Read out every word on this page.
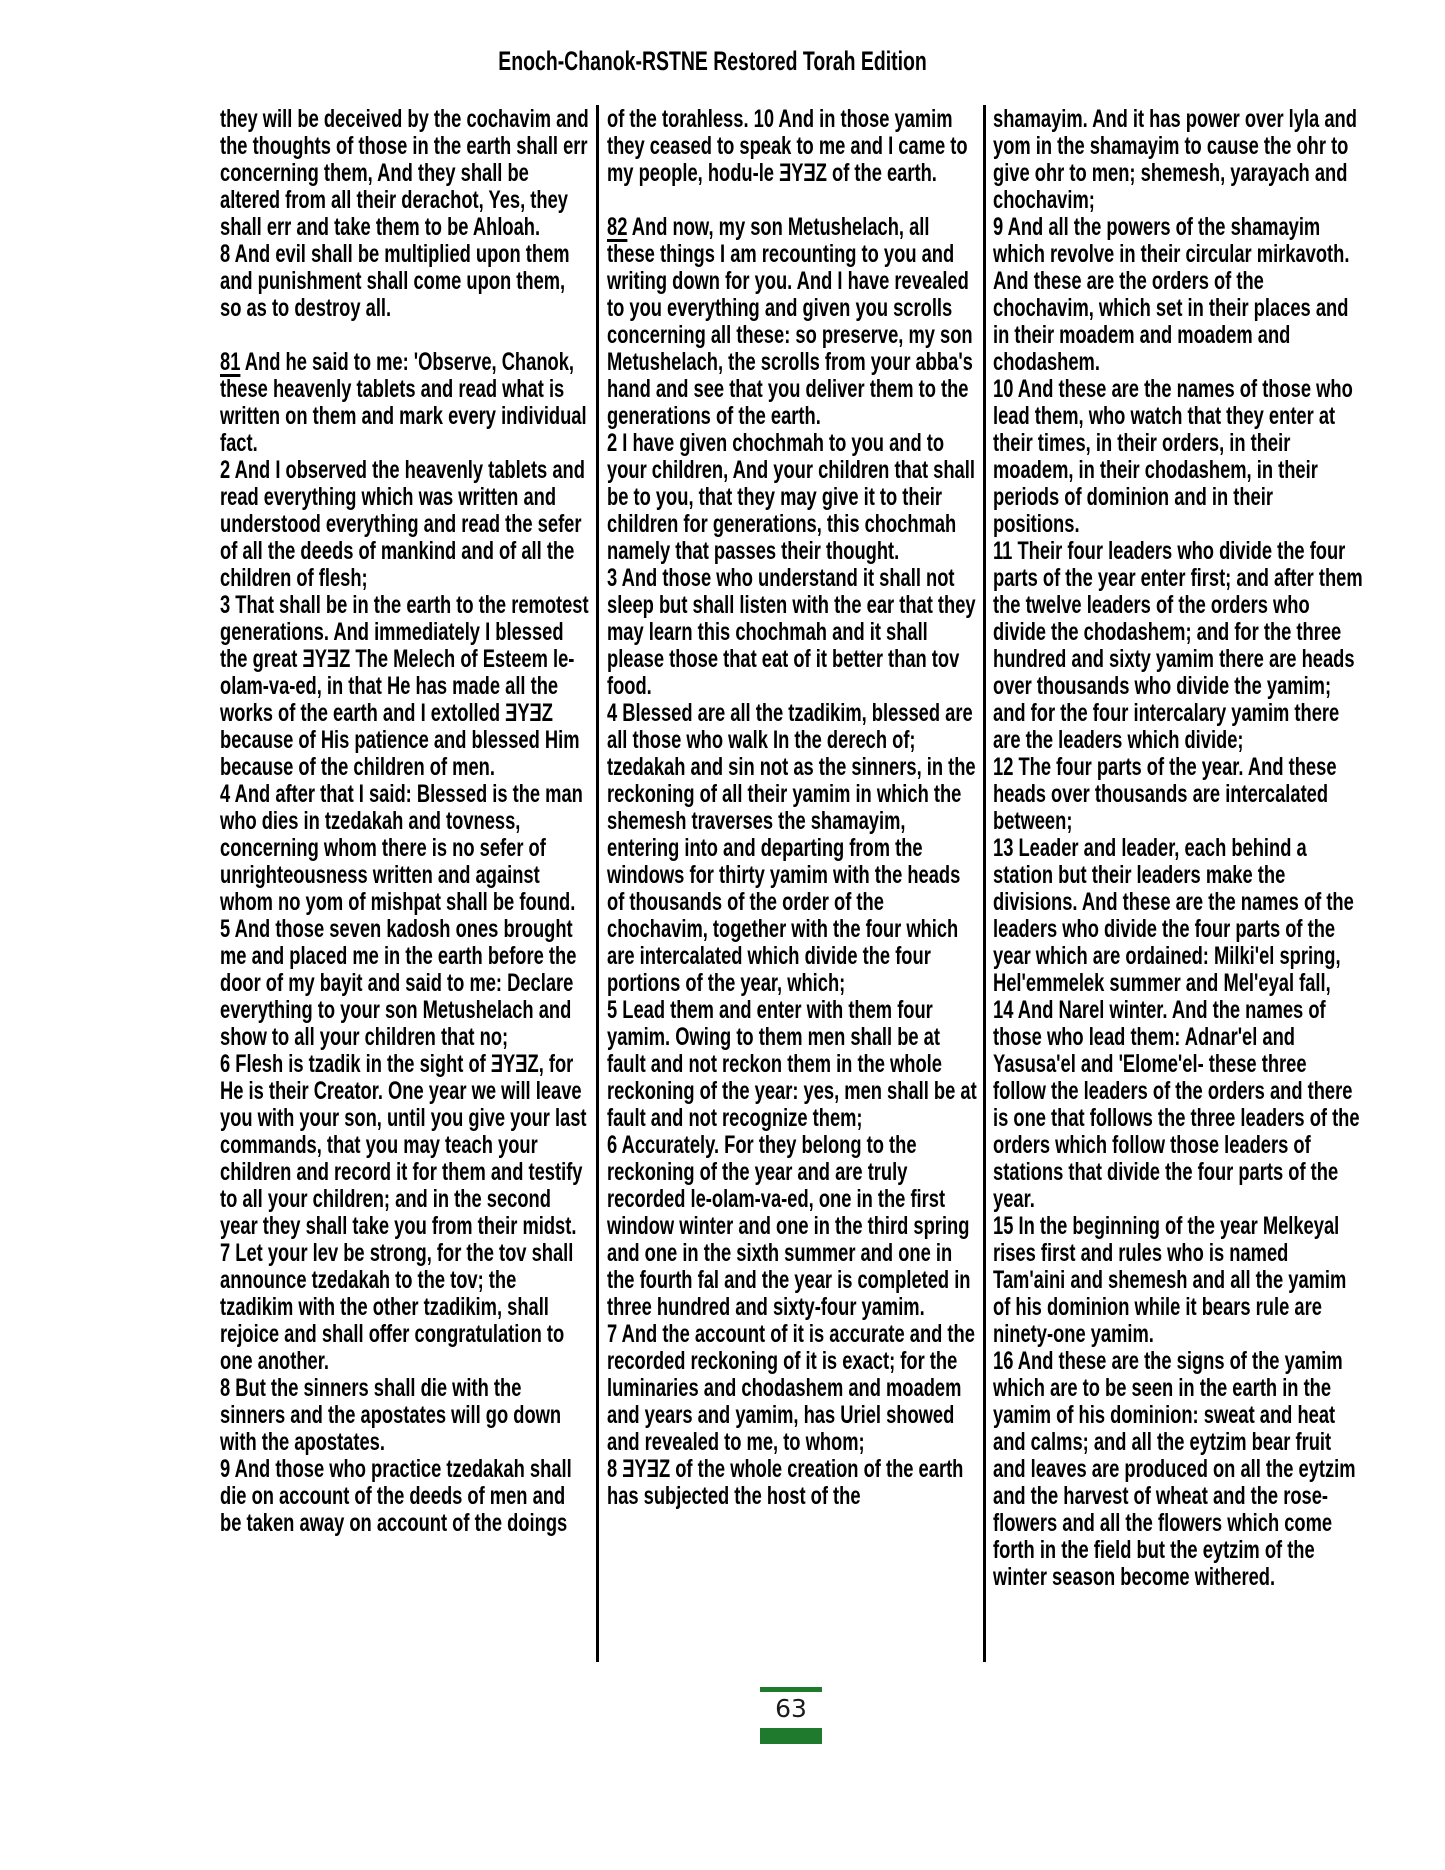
Enoch-Chanok-RSTNE Restored Torah Edition
they will be deceived by the cochavim and the thoughts of those in the earth shall err concerning them, And they shall be altered from all their derachot, Yes, they shall err and take them to be Ahloah.
8 And evil shall be multiplied upon them and punishment shall come upon them, so as to destroy all.
81 And he said to me: 'Observe, Chanok, these heavenly tablets and read what is written on them and mark every individual fact.
2 And I observed the heavenly tablets and read everything which was written and understood everything and read the sefer of all the deeds of mankind and of all the children of flesh;
3 That shall be in the earth to the remotest generations. And immediately I blessed the great ƎYƎZ The Melech of Esteem le-olam-va-ed, in that He has made all the works of the earth and I extolled ƎYƎZ because of His patience and blessed Him because of the children of men.
4 And after that I said: Blessed is the man who dies in tzedakah and tovness, concerning whom there is no sefer of unrighteousness written and against whom no yom of mishpat shall be found.
5 And those seven kadosh ones brought me and placed me in the earth before the door of my bayit and said to me: Declare everything to your son Metushelach and show to all your children that no;
6 Flesh is tzadik in the sight of ƎYƎZ, for He is their Creator. One year we will leave you with your son, until you give your last commands, that you may teach your children and record it for them and testify to all your children; and in the second year they shall take you from their midst.
7 Let your lev be strong, for the tov shall announce tzedakah to the tov; the tzadikim with the other tzadikim, shall rejoice and shall offer congratulation to one another.
8 But the sinners shall die with the sinners and the apostates will go down with the apostates.
9 And those who practice tzedakah shall die on account of the deeds of men and be taken away on account of the doings
of the torahless. 10 And in those yamim they ceased to speak to me and I came to my people, hodu-le ƎYƎZ of the earth.
82 And now, my son Metushelach, all these things I am recounting to you and writing down for you. And I have revealed to you everything and given you scrolls concerning all these: so preserve, my son Metushelach, the scrolls from your abba's hand and see that you deliver them to the generations of the earth.
2 I have given chochmah to you and to your children, And your children that shall be to you, that they may give it to their children for generations, this chochmah namely that passes their thought.
3 And those who understand it shall not sleep but shall listen with the ear that they may learn this chochmah and it shall please those that eat of it better than tov food.
4 Blessed are all the tzadikim, blessed are all those who walk In the derech of; tzedakah and sin not as the sinners, in the reckoning of all their yamim in which the shemesh traverses the shamayim, entering into and departing from the windows for thirty yamim with the heads of thousands of the order of the chochavim, together with the four which are intercalated which divide the four portions of the year, which;
5 Lead them and enter with them four yamim. Owing to them men shall be at fault and not reckon them in the whole reckoning of the year: yes, men shall be at fault and not recognize them;
6 Accurately. For they belong to the reckoning of the year and are truly recorded le-olam-va-ed, one in the first window winter and one in the third spring and one in the sixth summer and one in the fourth fal and the year is completed in three hundred and sixty-four yamim.
7 And the account of it is accurate and the recorded reckoning of it is exact; for the luminaries and chodashem and moadem and years and yamim, has Uriel showed and revealed to me, to whom;
8 ƎYƎZ of the whole creation of the earth has subjected the host of the
shamayim. And it has power over lyla and yom in the shamayim to cause the ohr to give ohr to men; shemesh, yarayach and chochavim;
9 And all the powers of the shamayim which revolve in their circular mirkavoth. And these are the orders of the chochavim, which set in their places and in their moadem and moadem and chodashem.
10 And these are the names of those who lead them, who watch that they enter at their times, in their orders, in their moadem, in their chodashem, in their periods of dominion and in their positions.
11 Their four leaders who divide the four parts of the year enter first; and after them the twelve leaders of the orders who divide the chodashem; and for the three hundred and sixty yamim there are heads over thousands who divide the yamim; and for the four intercalary yamim there are the leaders which divide;
12 The four parts of the year. And these heads over thousands are intercalated between;
13 Leader and leader, each behind a station but their leaders make the divisions. And these are the names of the leaders who divide the four parts of the year which are ordained: Milki'el spring, Hel'emmelek summer and Mel'eyal fall,
14 And Narel winter. And the names of those who lead them: Adnar'el and Yasusa'el and 'Elome'el- these three follow the leaders of the orders and there is one that follows the three leaders of the orders which follow those leaders of stations that divide the four parts of the year.
15 In the beginning of the year Melkeyal rises first and rules who is named Tam'aini and shemesh and all the yamim of his dominion while it bears rule are ninety-one yamim.
16 And these are the signs of the yamim which are to be seen in the earth in the yamim of his dominion: sweat and heat and calms; and all the eytzim bear fruit and leaves are produced on all the eytzim and the harvest of wheat and the rose-flowers and all the flowers which come forth in the field but the eytzim of the winter season become withered.
63
